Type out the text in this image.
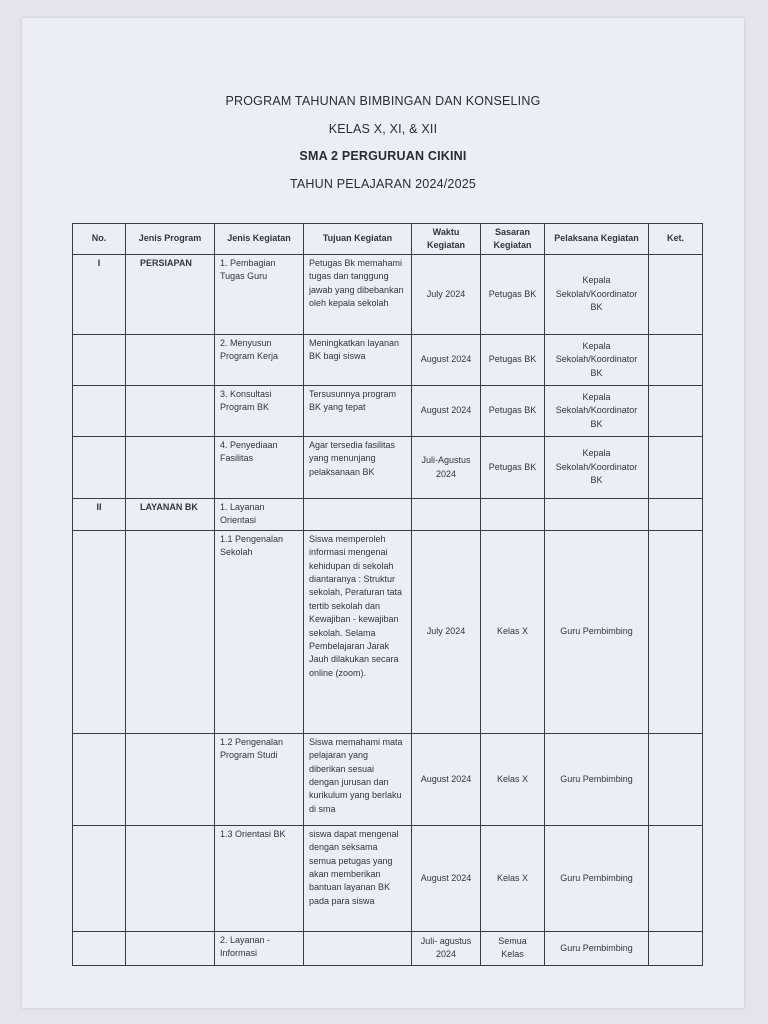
PROGRAM TAHUNAN BIMBINGAN DAN KONSELING
KELAS X, XI, & XII
SMA 2 PERGURUAN CIKINI
TAHUN PELAJARAN 2024/2025
No.	Jenis Program	Jenis Kegiatan	Tujuan Kegiatan	Waktu Kegiatan	Sasaran Kegiatan	Pelaksana Kegiatan	Ket.
I	PERSIAPAN	1. Pembagian Tugas Guru	Petugas Bk memahami tugas dan tanggung jawab yang dibebankan oleh kepala sekolah	July 2024	Petugas BK	Kepala Sekolah/Koordinator BK	
		2. Menyusun Program Kerja	Meningkatkan layanan BK bagi siswa	August 2024	Petugas BK	Kepala Sekolah/Koordinator BK	
		3. Konsultasi Program BK	Tersusunnya program BK yang tepat	August 2024	Petugas BK	Kepala Sekolah/Koordinator BK	
		4. Penyediaan Fasilitas	Agar tersedia fasilitas yang menunjang pelaksanaan BK	Juli-Agustus 2024	Petugas BK	Kepala Sekolah/Koordinator BK	
II	LAYANAN BK	1. Layanan Orientasi					
		1.1 Pengenalan Sekolah	Siswa memperoleh informasi mengenai kehidupan di sekolah diantaranya : Struktur sekolah, Peraturan tata tertib sekolah dan Kewajiban - kewajiban sekolah. Selama Pembelajaran Jarak Jauh dilakukan secara online (zoom).	July 2024	Kelas X	Guru Pembimbing	
		1.2 Pengenalan Program Studi	Siswa memahami mata pelajaran yang diberikan sesuai dengan jurusan dan kurikulum yang berlaku di sma	August 2024	Kelas X	Guru Pembimbing	
		1.3 Orientasi BK	siswa dapat mengenal dengan seksama semua petugas yang akan memberikan bantuan layanan BK pada para siswa	August 2024	Kelas X	Guru Pembimbing	
		2. Layanan - Informasi		Juli- agustus 2024	Semua Kelas	Guru Pembimbing	
